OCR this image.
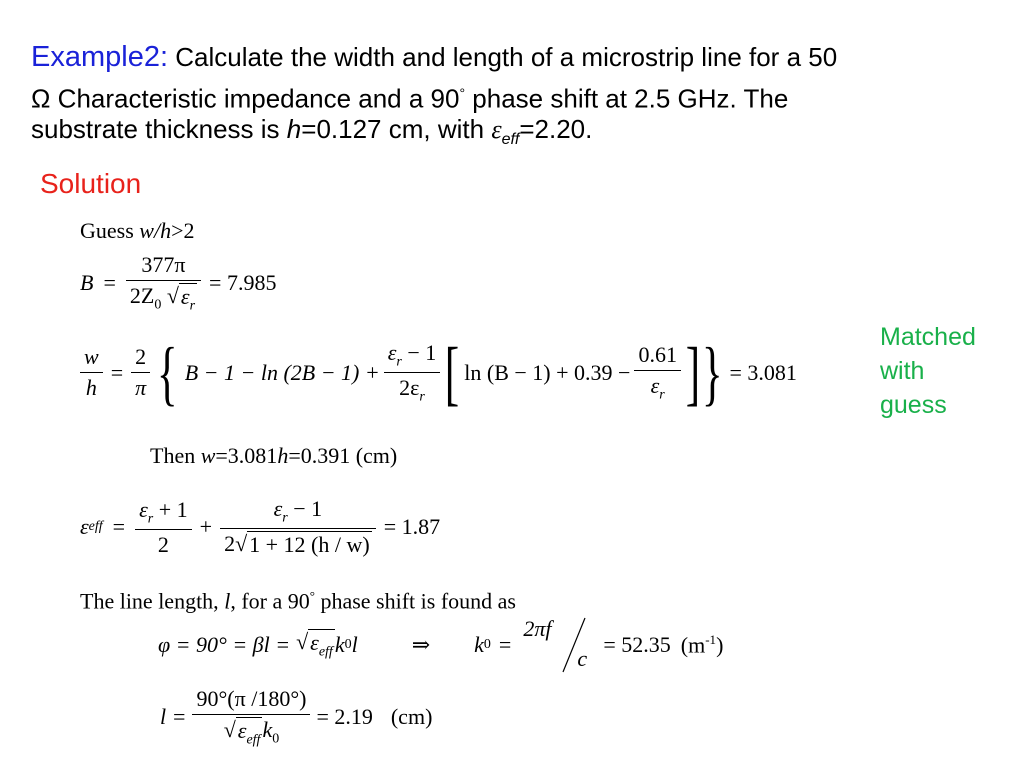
Example2: Calculate the width and length of a microstrip line for a 50
Ω Characteristic impedance and a 90° phase shift at 2.5 GHz. The
substrate thickness is h=0.127 cm, with $\varepsilon_{eff}=2.20$.
Solution
Guess w/h>2
$B = \frac{377\pi}{2Z_0 √ \varepsilon_r} = 7.985$
$\frac{w}{h} = \frac{2}{\pi}$ { $B - 1 - \ln (2B - 1) + \frac{\varepsilon_r - 1}{2\varepsilon_r}$ [ $\ln (B - 1) + 0.39 - \frac{0.61}{\varepsilon_r}$ ] } = 3.081
Matched
with
guess
Then w=3.081h=0.391 (cm)
ε eff = $\frac{\varepsilon_r + 1}{2} + \frac{\varepsilon_r - 1}{2 √ 1 + 12 (h / w)} = 1.87$
The line length, l, for a 90° phase shift is found as
φ = 90° = βl = √ $\varepsilon_{eff}$ k 0 l ⇒ k 0 =
2πf
c
= 52.35 $(m^{-1})$
$l = \frac{90^\circ(\pi /180^\circ)}{√ \varepsilon_{eff} k_0} = 2.19$ (cm)
